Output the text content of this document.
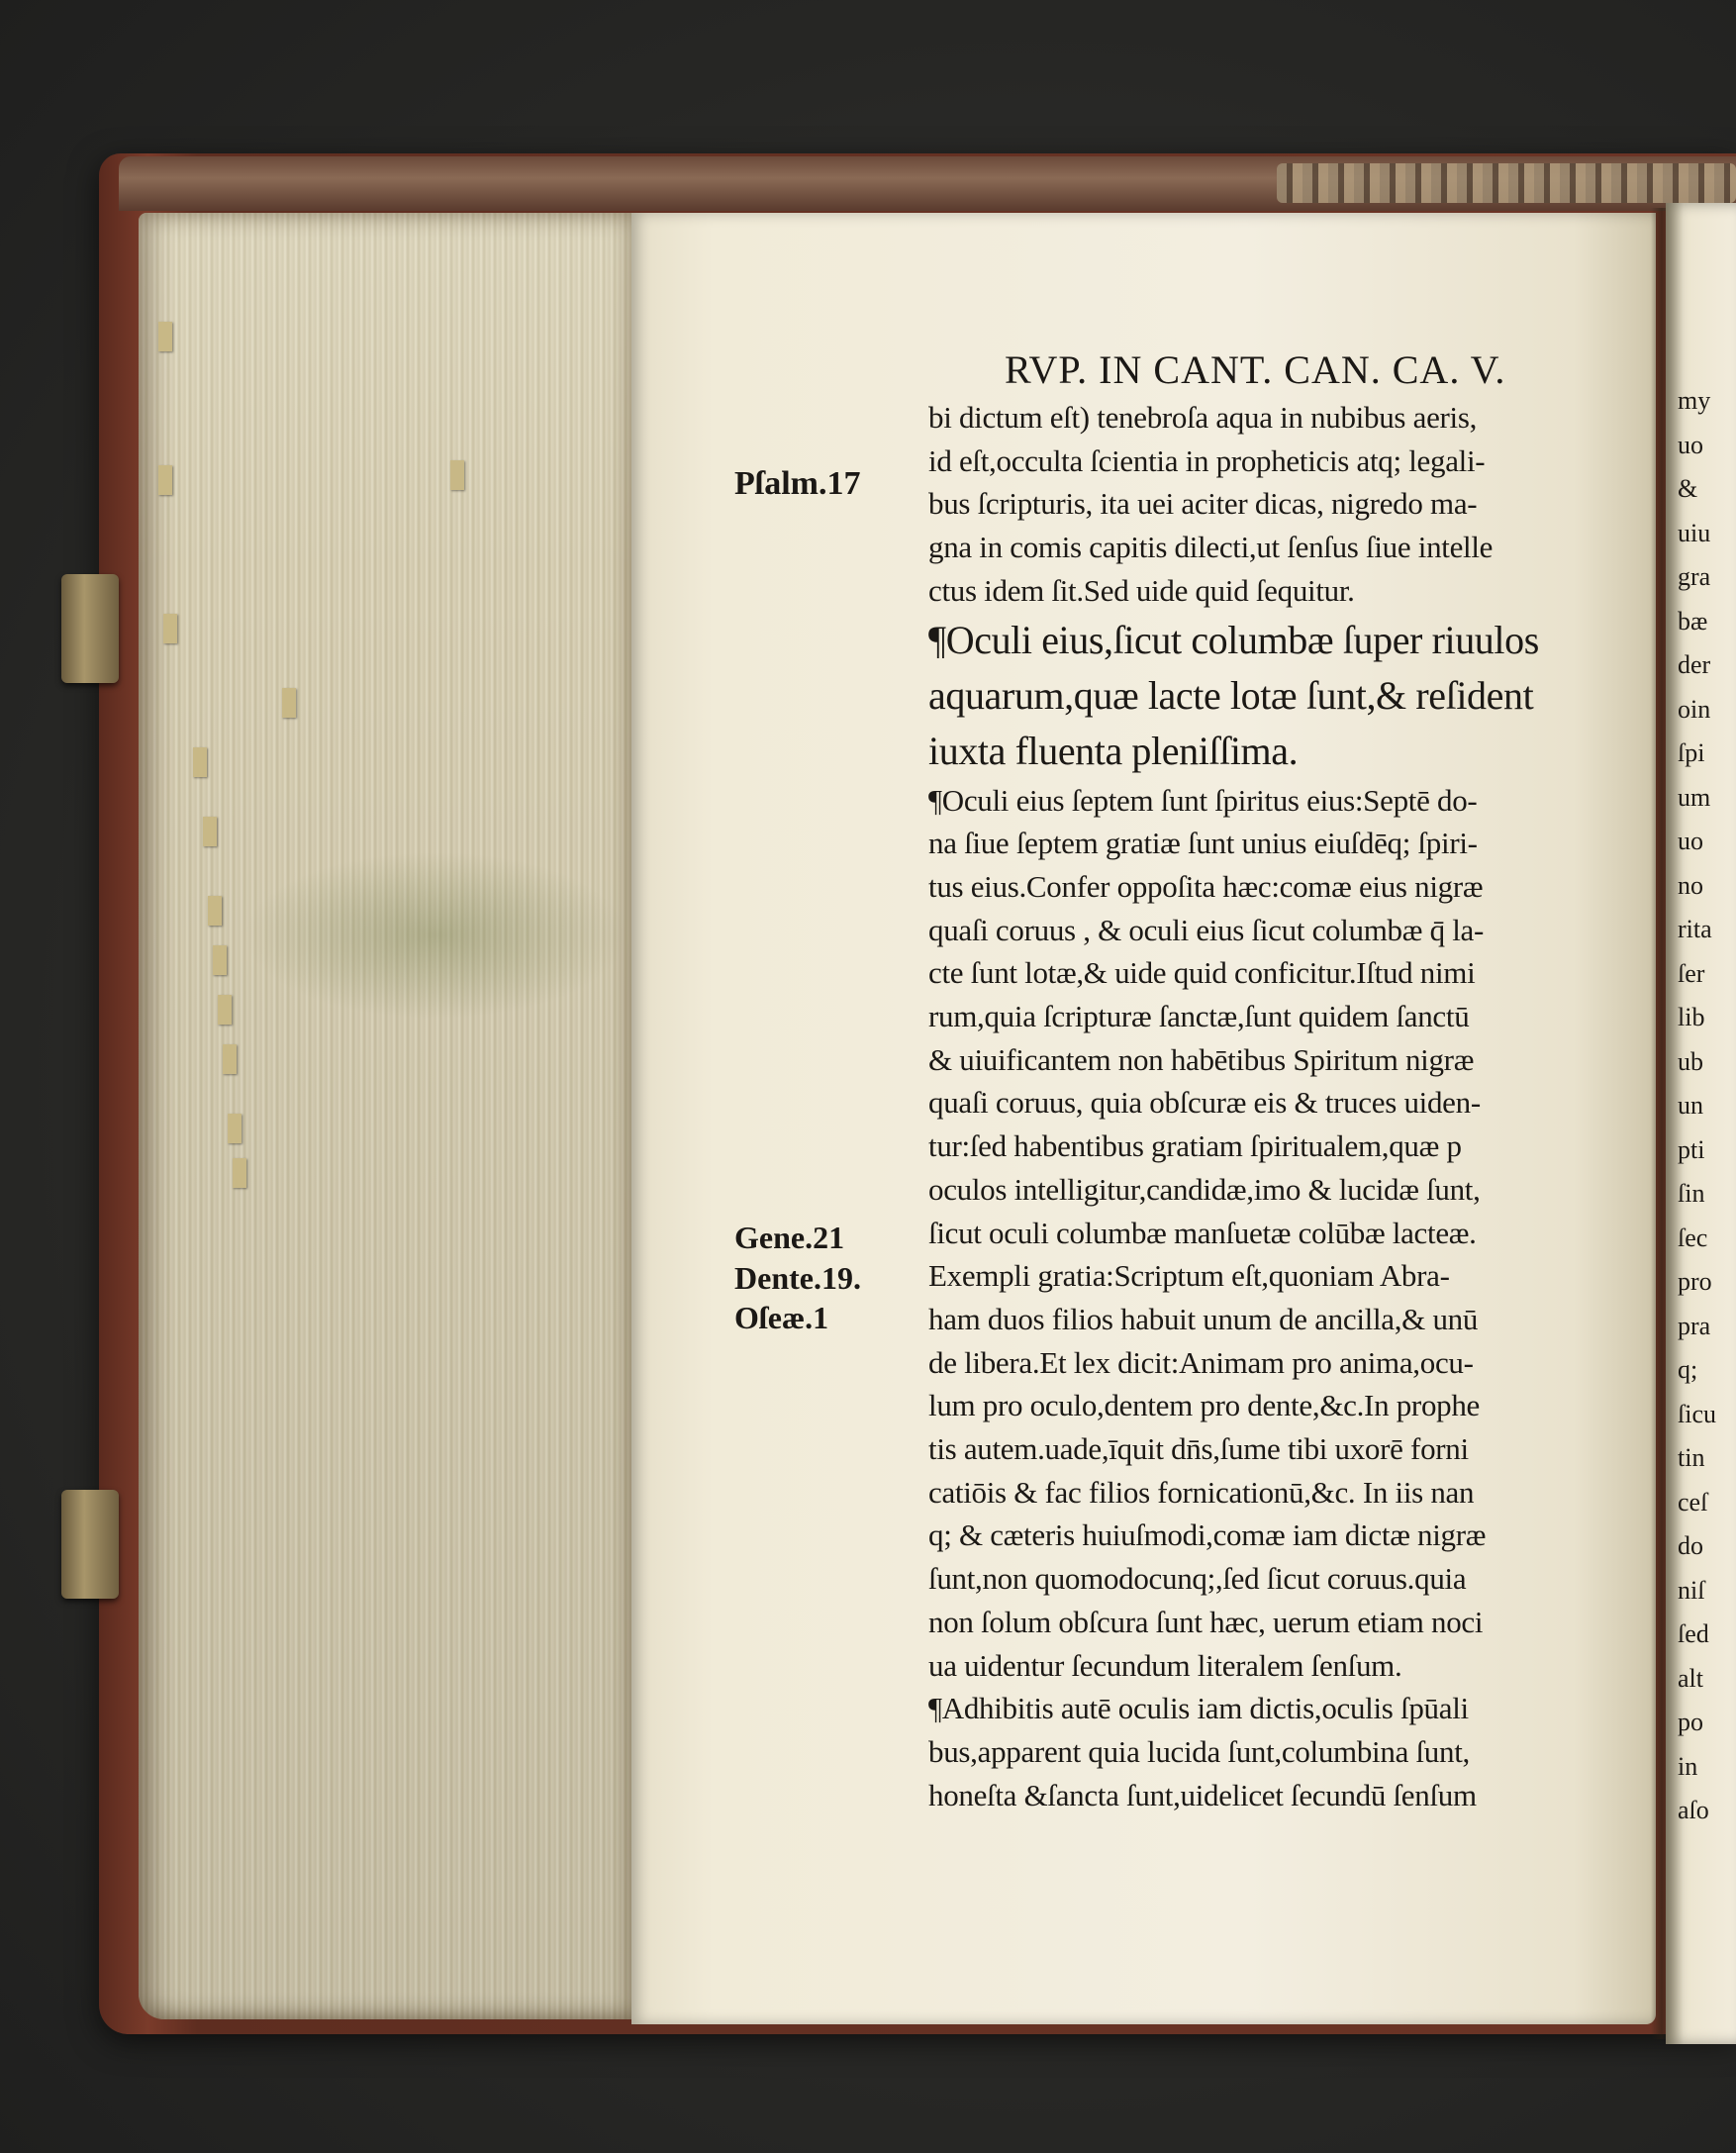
my
uo
&
uiu
gra
bæ
der
oin
ſpi
um
uo
no
rita
ſer
lib
ub
un
pti
ſin
ſec
pro
pra
q;
ſicu
tin
ceſ
do
niſ
ſed
alt
po
in
aſo
RVP. IN CANT. CAN. CA. V.
Pſalm.17
Gene.21
Dente.19.
Oſeæ.1
bi dictum eſt) tenebroſa aqua in nubibus aeris,
id eſt,occulta ſcientia in propheticis atq; legali-
bus ſcripturis, ita uei aciter dicas, nigredo ma-
gna in comis capitis dilecti,ut ſenſus ſiue intelle
ctus idem ſit.Sed uide quid ſequitur.
¶Oculi eius,ſicut columbæ ſuper riuulos
aquarum,quæ lacte lotæ ſunt,& reſident
iuxta fluenta pleniſſima.
¶Oculi eius ſeptem ſunt ſpiritus eius:Septē do-
na ſiue ſeptem gratiæ ſunt unius eiuſdēq; ſpiri-
tus eius.Confer oppoſita hæc:comæ eius nigræ
quaſi coruus , & oculi eius ſicut columbæ q̄ la-
cte ſunt lotæ,& uide quid conficitur.Iſtud nimi
rum,quia ſcripturæ ſanctæ,ſunt quidem ſanctū
& uiuificantem non habētibus Spiritum nigræ
quaſi coruus, quia obſcuræ eis & truces uiden-
tur:ſed habentibus gratiam ſpiritualem,quæ p
oculos intelligitur,candidæ,imo & lucidæ ſunt,
ſicut oculi columbæ manſuetæ colūbæ lacteæ.
Exempli gratia:Scriptum eſt,quoniam Abra-
ham duos filios habuit unum de ancilla,& unū
de libera.Et lex dicit:Animam pro anima,ocu-
lum pro oculo,dentem pro dente,&c.In prophe
tis autem.uade,īquit dn̄s,ſume tibi uxorē forni
catiōis & fac filios fornicationū,&c. In iis nan
q; & cæteris huiuſmodi,comæ iam dictæ nigræ
ſunt,non quomodocunq;,ſed ſicut coruus.quia
non ſolum obſcura ſunt hæc, uerum etiam noci
ua uidentur ſecundum literalem ſenſum.
¶Adhibitis autē oculis iam dictis,oculis ſpūali
bus,apparent quia lucida ſunt,columbina ſunt,
honeſta &ſancta ſunt,uidelicet ſecundū ſenſum
